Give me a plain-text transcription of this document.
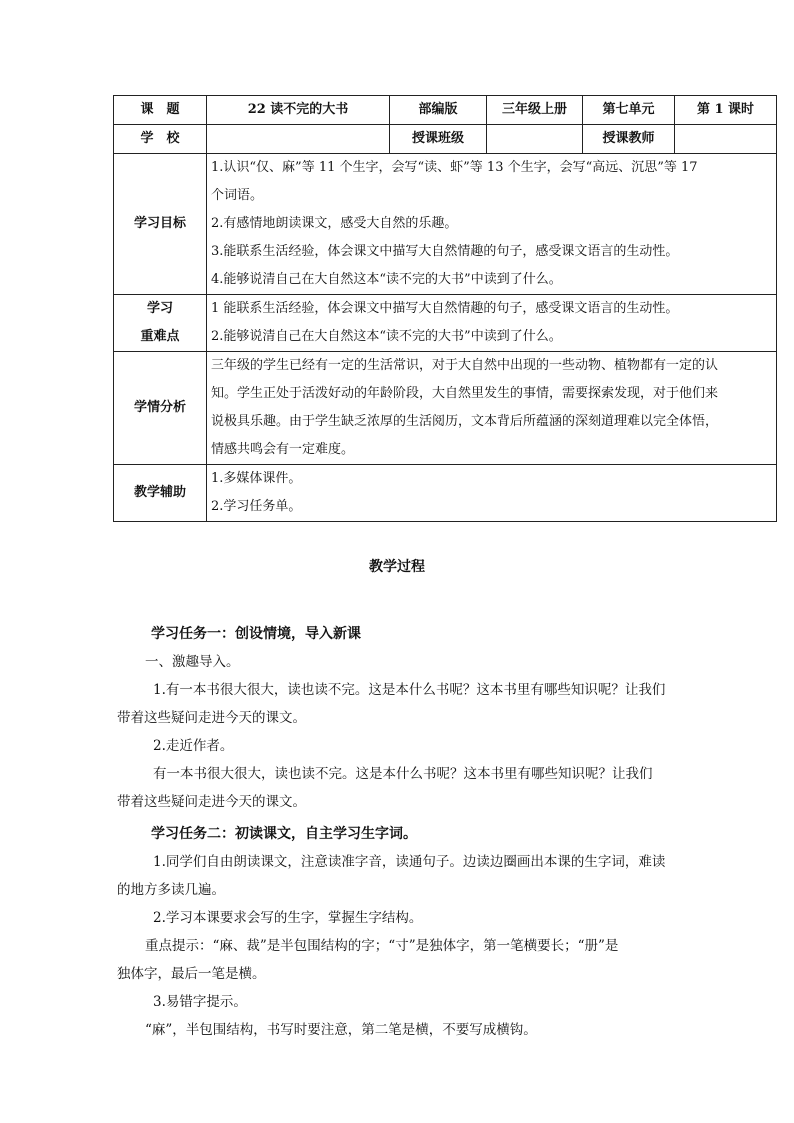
课　题	22 读不完的大书	部编版	三年级上册	第七单元	第 1 课时
学　校		授课班级		授课教师	
学习目标	1.认识“仅、麻”等 11 个生字，会写“读、虾”等 13 个生字，会写“高远、沉思”等 17
个词语。
2.有感情地朗读课文，感受大自然的乐趣。
3.能联系生活经验，体会课文中描写大自然情趣的句子，感受课文语言的生动性。
4.能够说清自己在大自然这本“读不完的大书”中读到了什么。				

学习
重难点	1 能联系生活经验，体会课文中描写大自然情趣的句子，感受课文语言的生动性。
2.能够说清自己在大自然这本“读不完的大书”中读到了什么。				

学情分析	三年级的学生已经有一定的生活常识，对于大自然中出现的一些动物、植物都有一定的认
知。学生正处于活泼好动的年龄阶段，大自然里发生的事情，需要探索发现，对于他们来
说极具乐趣。由于学生缺乏浓厚的生活阅历，文本背后所蕴涵的深刻道理难以完全体悟，
情感共鸣会有一定难度。				

教学辅助	1.多媒体课件。
2.学习任务单。				
教学过程

学习任务一：创设情境，导入新课

一、激趣导入。

1.有一本书很大很大，读也读不完。这是本什么书呢？这本书里有哪些知识呢？让我们

带着这些疑问走进今天的课文。

2.走近作者。

有一本书很大很大，读也读不完。这是本什么书呢？这本书里有哪些知识呢？让我们

带着这些疑问走进今天的课文。

学习任务二：初读课文，自主学习生字词。

1.同学们自由朗读课文，注意读准字音，读通句子。边读边圈画出本课的生字词，难读

的地方多读几遍。

2.学习本课要求会写的生字，掌握生字结构。

重点提示：“麻、裁”是半包围结构的字；“寸”是独体字，第一笔横要长；“册”是

独体字，最后一笔是横。

3.易错字提示。

“麻”，半包围结构，书写时要注意，第二笔是横，不要写成横钩。
